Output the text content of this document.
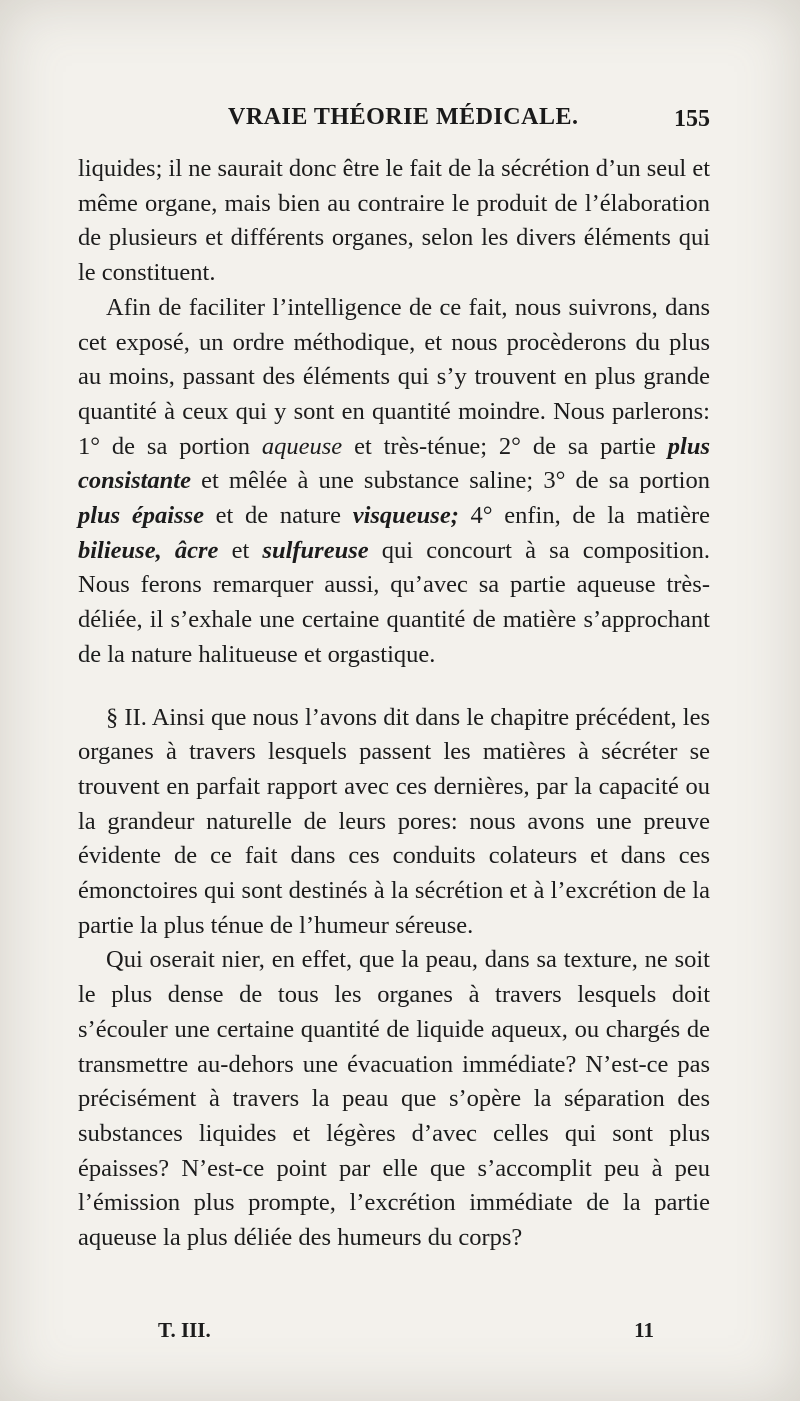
VRAIE THÉORIE MÉDICALE.	155

liquides; il ne saurait donc être le fait de la sécrétion d’un seul et même organe, mais bien au contraire le produit de l’élaboration de plusieurs et différents organes, selon les divers éléments qui le constituent.

Afin de faciliter l’intelligence de ce fait, nous suivrons, dans cet exposé, un ordre méthodique, et nous procèderons du plus au moins, passant des éléments qui s’y trouvent en plus grande quantité à ceux qui y sont en quantité moindre. Nous parlerons: 1° de sa portion aqueuse et très-ténue; 2° de sa partie plus consistante et mêlée à une substance saline; 3° de sa portion plus épaisse et de nature visqueuse; 4° enfin, de la matière bilieuse, âcre et sulfureuse qui concourt à sa composition. Nous ferons remarquer aussi, qu’avec sa partie aqueuse très-déliée, il s’exhale une certaine quantité de matière s’approchant de la nature halitueuse et orgastique.

§ II. Ainsi que nous l’avons dit dans le chapitre précédent, les organes à travers lesquels passent les matières à sécréter se trouvent en parfait rapport avec ces dernières, par la capacité ou la grandeur naturelle de leurs pores: nous avons une preuve évidente de ce fait dans ces conduits colateurs et dans ces émonctoires qui sont destinés à la sécrétion et à l’excrétion de la partie la plus ténue de l’humeur séreuse.

Qui oserait nier, en effet, que la peau, dans sa texture, ne soit le plus dense de tous les organes à travers lesquels doit s’écouler une certaine quantité de liquide aqueux, ou chargés de transmettre au-dehors une évacuation immédiate? N’est-ce pas précisément à travers la peau que s’opère la séparation des substances liquides et légères d’avec celles qui sont plus épaisses? N’est-ce point par elle que s’accomplit peu à peu l’émission plus prompte, l’excrétion immédiate de la partie aqueuse la plus déliée des humeurs du corps?

T. III.	11
